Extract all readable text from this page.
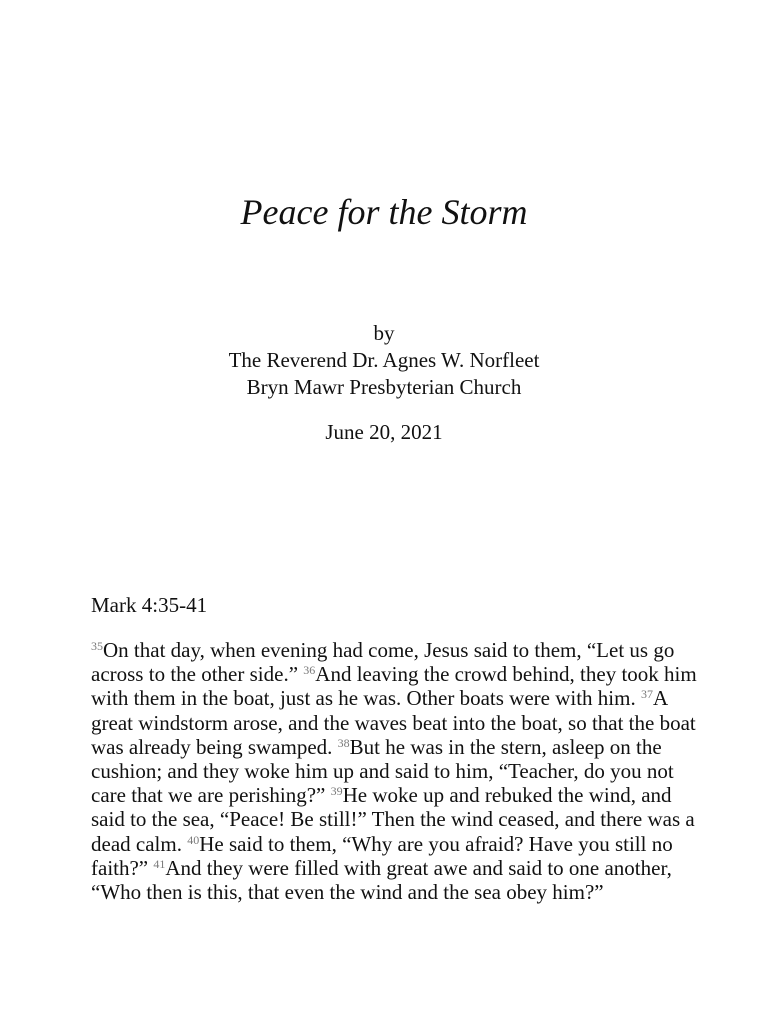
Peace for the Storm
by
The Reverend Dr. Agnes W. Norfleet
Bryn Mawr Presbyterian Church
June 20, 2021
Mark 4:35-41
$^{35}$On that day, when evening had come, Jesus said to them, “Let us go
across to the other side.” $^{36}$And leaving the crowd behind, they took him
with them in the boat, just as he was. Other boats were with him. $^{37}$A
great windstorm arose, and the waves beat into the boat, so that the boat
was already being swamped. $^{38}$But he was in the stern, asleep on the
cushion; and they woke him up and said to him, “Teacher, do you not
care that we are perishing?” $^{39}$He woke up and rebuked the wind, and
said to the sea, “Peace! Be still!” Then the wind ceased, and there was a
dead calm. $^{40}$He said to them, “Why are you afraid? Have you still no
faith?” $^{41}$And they were filled with great awe and said to one another,
“Who then is this, that even the wind and the sea obey him?”
